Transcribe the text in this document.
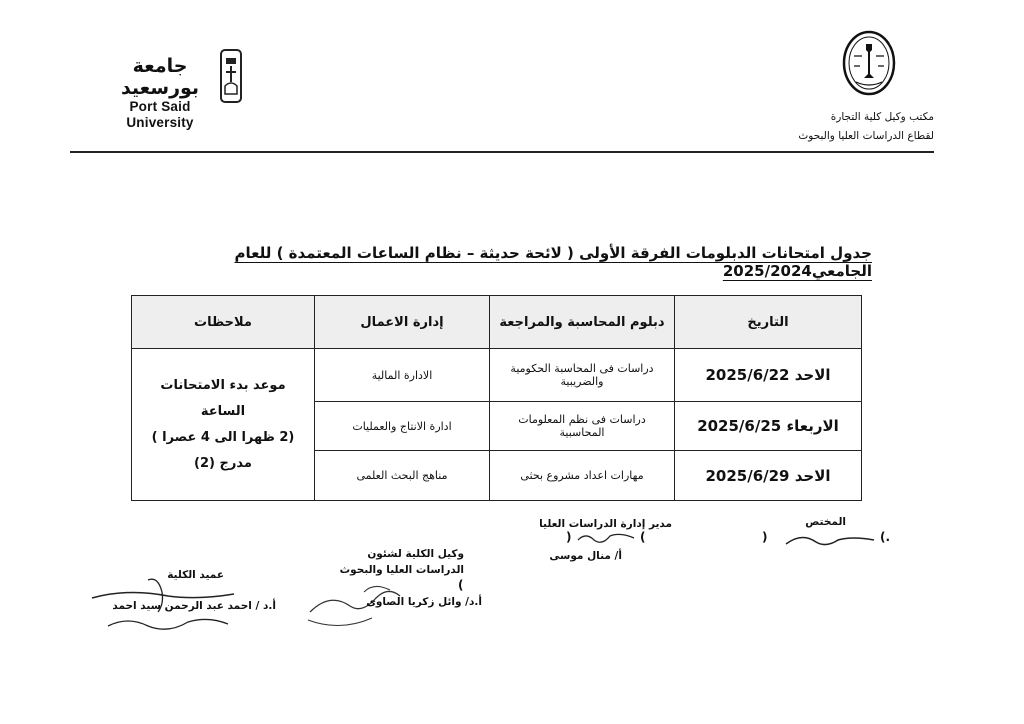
جامعة بورسعيد
Port Said University	مكتب وكيل كلية التجارة
لقطاع الدراسات العليا والبحوث
جدول امتحانات الدبلومات الفرقة الأولى ( لائحة حديثة – نظام الساعات المعتمدة ) للعام الجامعي2025/2024
التاريخ	دبلوم المحاسبة والمراجعة	إدارة الاعمال	ملاحظات
الاحد 2025/6/22	دراسات فى المحاسبة الحكومية والضريبية	الادارة المالية	موعد بدء الامتحانات الساعة
(2 ظهرا الى 4 عصرا )
مدرج (2)

الاربعاء 2025/6/25	دراسات فى نظم المعلومات المحاسبية	ادارة الانتاج والعمليات	
الاحد 2025/6/29	مهارات اعداد مشروع بحثى	مناهج البحث العلمى	
المختص
)	(.
مدير إدارة الدراسات العليا
)	(
أ/ منال موسى
وكيل الكلية لشئون
الدراسات العليا والبحوث
(
أ.د/ وائل زكريا الصاوى
عميد الكلية
أ.د / احمد عبد الرحمن سيد احمد
